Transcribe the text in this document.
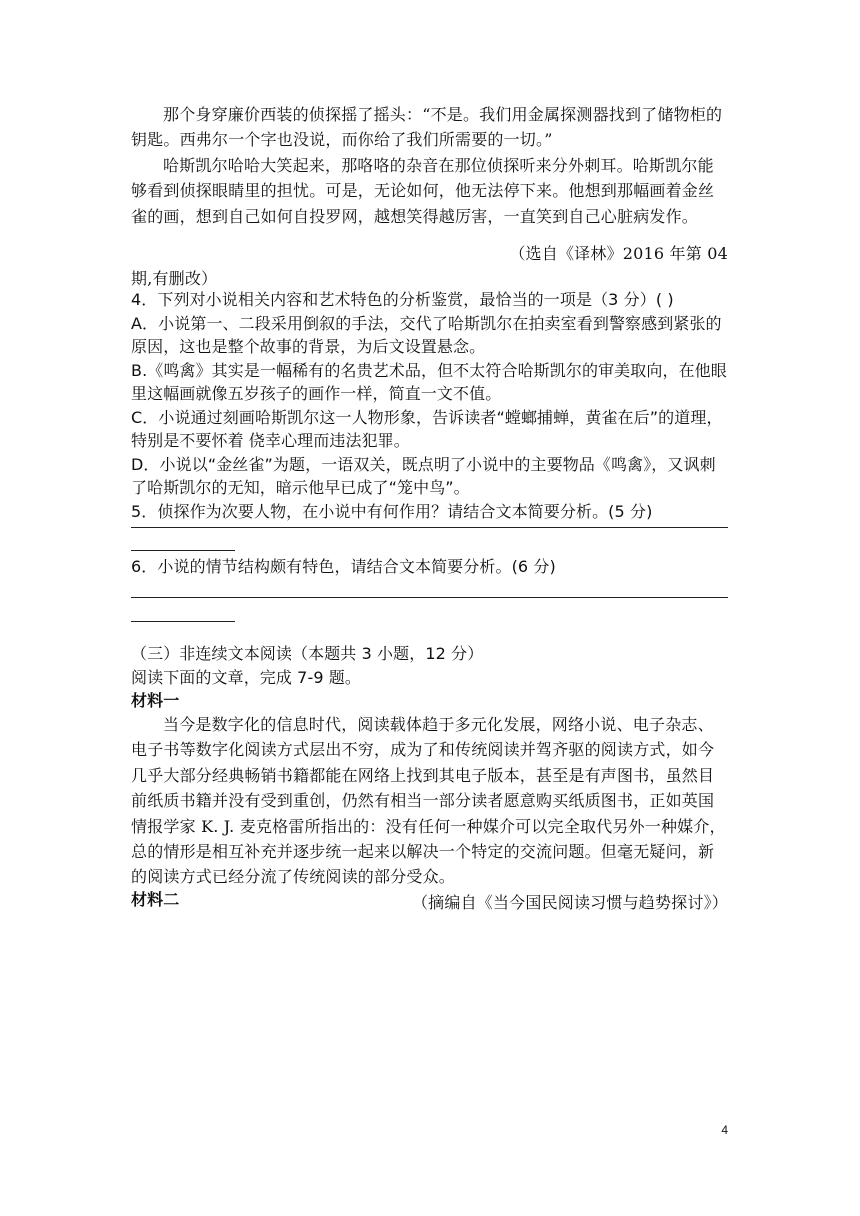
那个身穿廉价西装的侦探摇了摇头：“不是。我们用金属探测器找到了储物柜的钥匙。西弗尔一个字也没说，而你给了我们所需要的一切。”

哈斯凯尔哈哈大笑起来，那咯咯的杂音在那位侦探听来分外刺耳。哈斯凯尔能够看到侦探眼睛里的担忧。可是，无论如何，他无法停下来。他想到那幅画着金丝雀的画，想到自己如何自投罗网，越想笑得越厉害，一直笑到自己心脏病发作。

（选自《译林》2016 年第 04

期,有删改）

4．下列对小说相关内容和艺术特色的分析鉴赏，最恰当的一项是（3 分）( )

A．小说第一、二段采用倒叙的手法，交代了哈斯凯尔在拍卖室看到警察感到紧张的原因，这也是整个故事的背景，为后文设置悬念。

B.《鸣禽》其实是一幅稀有的名贵艺术品，但不太符合哈斯凯尔的审美取向，在他眼里这幅画就像五岁孩子的画作一样，简直一文不值。

C．小说通过刻画哈斯凯尔这一人物形象，告诉读者“螳螂捕蝉，黄雀在后”的道理，特别是不要怀着 侥幸心理而违法犯罪。

D．小说以“金丝雀”为题，一语双关，既点明了小说中的主要物品《鸣禽》，又讽刺了哈斯凯尔的无知，暗示他早已成了“笼中鸟”。

5．侦探作为次要人物，在小说中有何作用？请结合文本简要分析。(5 分)

6．小说的情节结构颇有特色，请结合文本简要分析。(6 分)

（三）非连续文本阅读（本题共 3 小题，12 分）

阅读下面的文章，完成 7-9 题。

材料一

当今是数字化的信息时代，阅读载体趋于多元化发展，网络小说、电子杂志、电子书等数字化阅读方式层出不穷，成为了和传统阅读并驾齐驱的阅读方式，如今几乎大部分经典畅销书籍都能在网络上找到其电子版本，甚至是有声图书，虽然目前纸质书籍并没有受到重创，仍然有相当一部分读者愿意购买纸质图书，正如英国情报学家 K. J. 麦克格雷所指出的：没有任何一种媒介可以完全取代另外一种媒介，总的情形是相互补充并逐步统一起来以解决一个特定的交流问题。但毫无疑问，新的阅读方式已经分流了传统阅读的部分受众。

（摘编自《当今国民阅读习惯与趋势探讨》）

材料二

4
